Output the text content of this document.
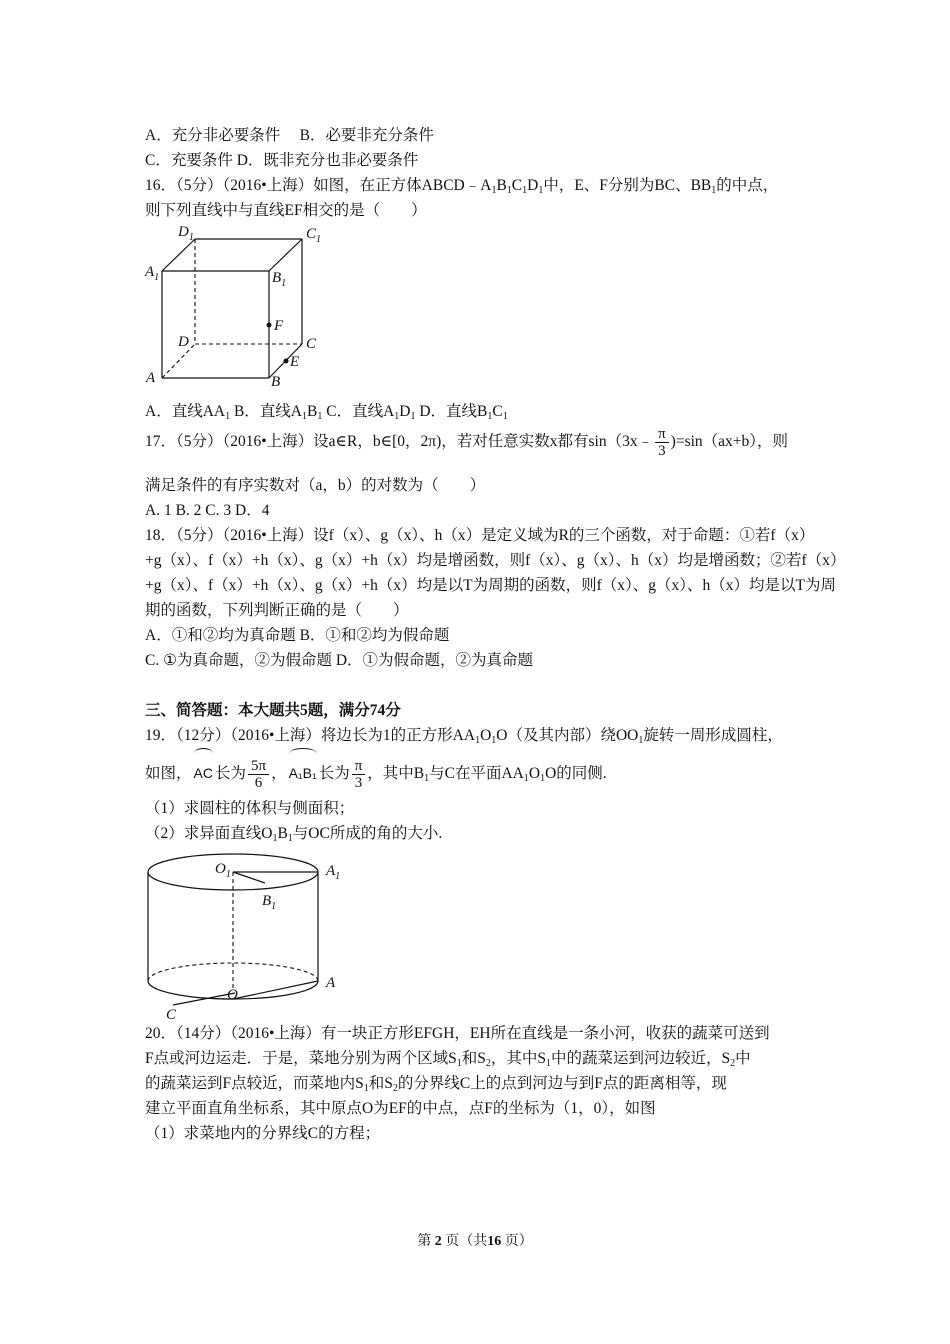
A．充分非必要条件　 B．必要非充分条件
C．充要条件 D．既非充分也非必要条件
16．（5分）（2016•上海）如图，在正方体$ABCD﹣A_1B_1C_1D_1$中，E、F分别为BC、$BB_1$的中点，
则下列直线中与直线EF相交的是（　　）
$D_1$	$C_1$
$A_1$	$B_1$
F
D	C
E
A	B
A．直线$AA_1$ B．直线$A_1B_1$ C．直线$A_1D_1$ D．直线$B_1C_1$
17．（5分）（2016•上海）设a∈R，b∈[0，2π)，若对任意实数x都有sin（3x﹣ $\frac{\pi}{3} )=\sin(ax+b)$，则
满足条件的有序实数对（a，b）的对数为（　　）
A. 1 B. 2 C. 3 D．4
18．（5分）（2016•上海）设f（x）、g（x）、h（x）是定义域为R的三个函数，对于命题：①若f（x）
+g（x）、f（x）+h（x）、g（x）+h（x）均是增函数，则f（x）、g（x）、h（x）均是增函数；②若f（x）
+g（x）、f（x）+h（x）、g（x）+h（x）均是以T为周期的函数，则f（x）、g（x）、h（x）均是以T为周
期的函数，下列判断正确的是（　　）
A．①和②均为真命题 B．①和②均为假命题
C. ①为真命题，②为假命题 D．①为假命题，②为真命题
三、简答题：本大题共5题，满分74分
19．（12分）（2016•上海）将边长为1的正方形$AA_1O_1O$（及其内部）绕$OO_1$旋转一周形成圆柱，
如图， AC 长为 $\frac{5\pi}{6}$ ， A₁B₁ 长为 $\frac{\pi}{3}$ ，其中$B_1$与C在平面$AA_1O_1O$的同侧.
（1）求圆柱的体积与侧面积；
（2）求异面直线$O_1B_1$与OC所成的角的大小.
$O_1$	$A_1$
$B_1$
O
A
C
20．（14分）（2016•上海）有一块正方形EFGH，EH所在直线是一条小河，收获的蔬菜可送到
F点或河边运走．于是，菜地分别为两个区域$S_1$和$S_2$，其中$S_1$中的蔬菜运到河边较近，$S_2$中
的蔬菜运到F点较近，而菜地内$S_1$和$S_2$的分界线C上的点到河边与到F点的距离相等，现
建立平面直角坐标系，其中原点O为EF的中点，点F的坐标为（1，0），如图
（1）求菜地内的分界线C的方程；
第 2 页（共16 页）
